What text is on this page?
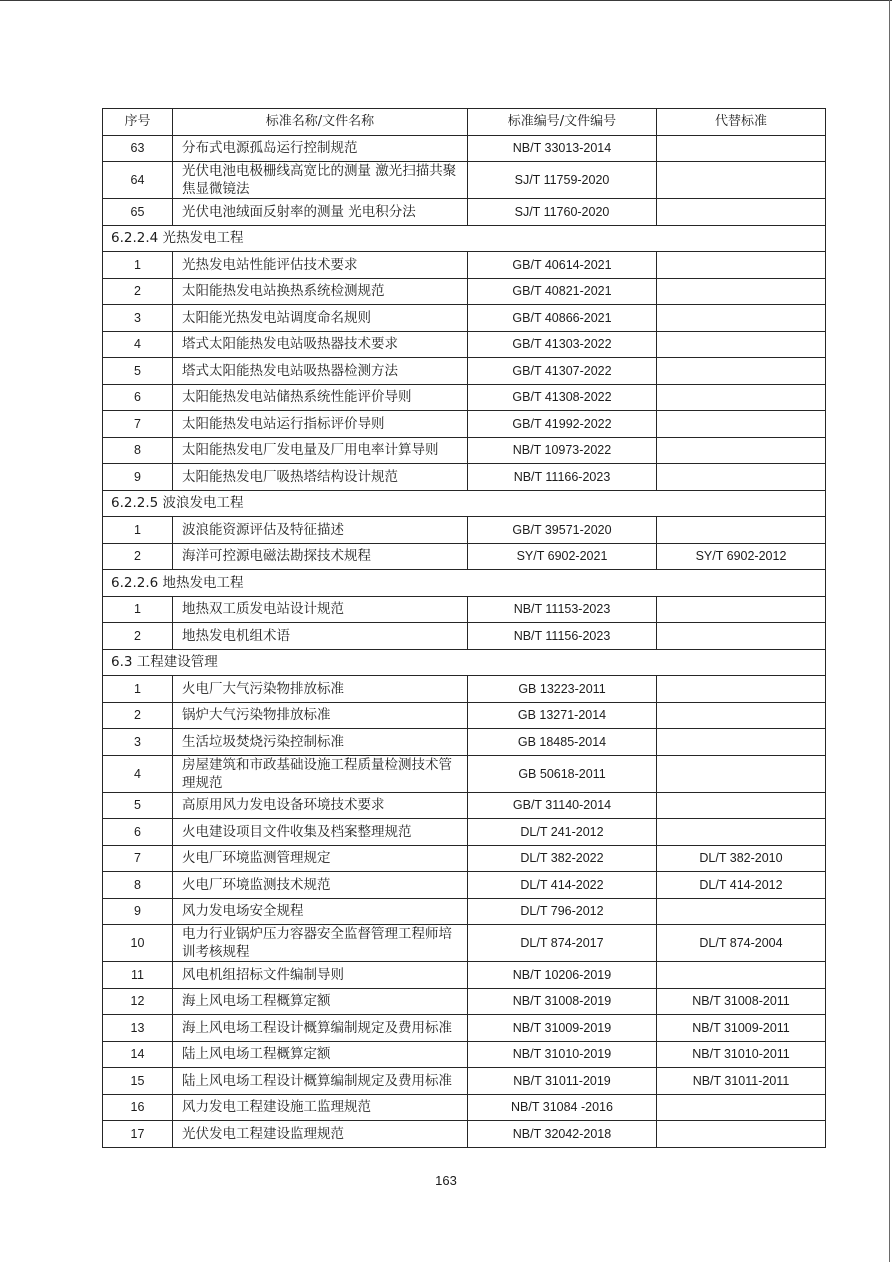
序号	标准名称/文件名称	标准编号/文件编号	代替标准
63	分布式电源孤岛运行控制规范	NB/T 33013-2014	
64	光伏电池电极栅线高宽比的测量 激光扫描共聚焦显微镜法	SJ/T 11759-2020	
65	光伏电池绒面反射率的测量 光电积分法	SJ/T 11760-2020	
6.2.2.4 光热发电工程			
1	光热发电站性能评估技术要求	GB/T 40614-2021	
2	太阳能热发电站换热系统检测规范	GB/T 40821-2021	
3	太阳能光热发电站调度命名规则	GB/T 40866-2021	
4	塔式太阳能热发电站吸热器技术要求	GB/T 41303-2022	
5	塔式太阳能热发电站吸热器检测方法	GB/T 41307-2022	
6	太阳能热发电站储热系统性能评价导则	GB/T 41308-2022	
7	太阳能热发电站运行指标评价导则	GB/T 41992-2022	
8	太阳能热发电厂发电量及厂用电率计算导则	NB/T 10973-2022	
9	太阳能热发电厂吸热塔结构设计规范	NB/T 11166-2023	
6.2.2.5 波浪发电工程			
1	波浪能资源评估及特征描述	GB/T 39571-2020	
2	海洋可控源电磁法勘探技术规程	SY/T 6902-2021	SY/T 6902-2012
6.2.2.6 地热发电工程			
1	地热双工质发电站设计规范	NB/T 11153-2023	
2	地热发电机组术语	NB/T 11156-2023	
6.3 工程建设管理			
1	火电厂大气污染物排放标准	GB 13223-2011	
2	锅炉大气污染物排放标准	GB 13271-2014	
3	生活垃圾焚烧污染控制标准	GB 18485-2014	
4	房屋建筑和市政基础设施工程质量检测技术管理规范	GB 50618-2011	
5	高原用风力发电设备环境技术要求	GB/T 31140-2014	
6	火电建设项目文件收集及档案整理规范	DL/T 241-2012	
7	火电厂环境监测管理规定	DL/T 382-2022	DL/T 382-2010
8	火电厂环境监测技术规范	DL/T 414-2022	DL/T 414-2012
9	风力发电场安全规程	DL/T 796-2012	
10	电力行业锅炉压力容器安全监督管理工程师培训考核规程	DL/T 874-2017	DL/T 874-2004
11	风电机组招标文件编制导则	NB/T 10206-2019	
12	海上风电场工程概算定额	NB/T 31008-2019	NB/T 31008-2011
13	海上风电场工程设计概算编制规定及费用标准	NB/T 31009-2019	NB/T 31009-2011
14	陆上风电场工程概算定额	NB/T 31010-2019	NB/T 31010-2011
15	陆上风电场工程设计概算编制规定及费用标准	NB/T 31011-2019	NB/T 31011-2011
16	风力发电工程建设施工监理规范	NB/T 31084 -2016	
17	光伏发电工程建设监理规范	NB/T 32042-2018	
163
